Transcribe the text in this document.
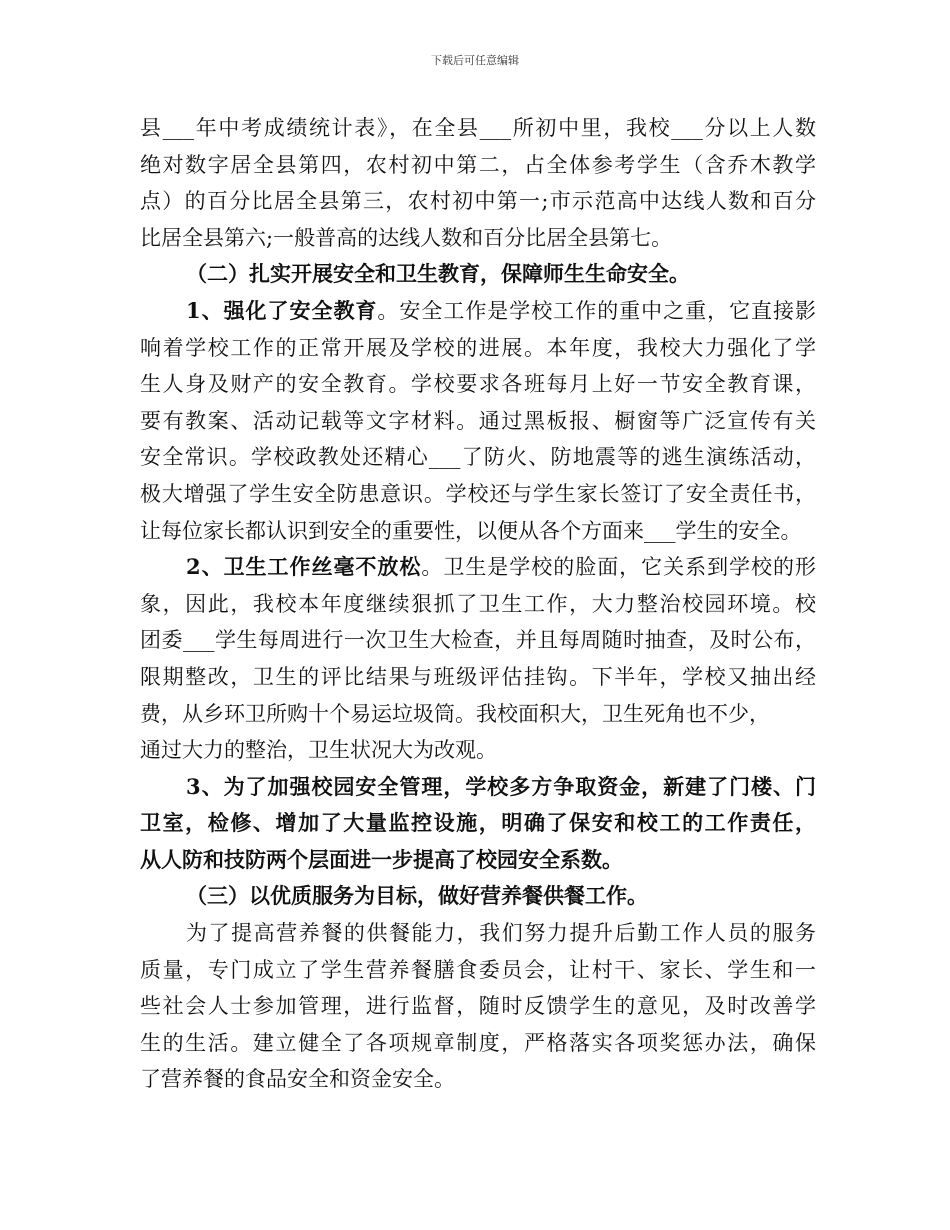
下载后可任意编辑
县___年中考成绩统计表》，在全县___所初中里，我校___分以上人数
绝对数字居全县第四，农村初中第二，占全体参考学生（含乔木教学
点）的百分比居全县第三，农村初中第一;市示范高中达线人数和百分
比居全县第六;一般普高的达线人数和百分比居全县第七。
（二）扎实开展安全和卫生教育，保障师生生命安全。
1、强化了安全教育。安全工作是学校工作的重中之重，它直接影
响着学校工作的正常开展及学校的进展。本年度，我校大力强化了学
生人身及财产的安全教育。学校要求各班每月上好一节安全教育课，
要有教案、活动记载等文字材料。通过黑板报、橱窗等广泛宣传有关
安全常识。学校政教处还精心___了防火、防地震等的逃生演练活动，
极大增强了学生安全防患意识。学校还与学生家长签订了安全责任书，
让每位家长都认识到安全的重要性，以便从各个方面来___学生的安全。
2、卫生工作丝毫不放松。卫生是学校的脸面，它关系到学校的形
象，因此，我校本年度继续狠抓了卫生工作，大力整治校园环境。校
团委___学生每周进行一次卫生大检查，并且每周随时抽查，及时公布，
限期整改，卫生的评比结果与班级评估挂钩。下半年，学校又抽出经
费，从乡环卫所购十个易运垃圾筒。我校面积大，卫生死角也不少，
通过大力的整治，卫生状况大为改观。
3、为了加强校园安全管理，学校多方争取资金，新建了门楼、门
卫室，检修、增加了大量监控设施，明确了保安和校工的工作责任，
从人防和技防两个层面进一步提高了校园安全系数。
（三）以优质服务为目标，做好营养餐供餐工作。
为了提高营养餐的供餐能力，我们努力提升后勤工作人员的服务
质量，专门成立了学生营养餐膳食委员会，让村干、家长、学生和一
些社会人士参加管理，进行监督，随时反馈学生的意见，及时改善学
生的生活。建立健全了各项规章制度，严格落实各项奖惩办法，确保
了营养餐的食品安全和资金安全。
